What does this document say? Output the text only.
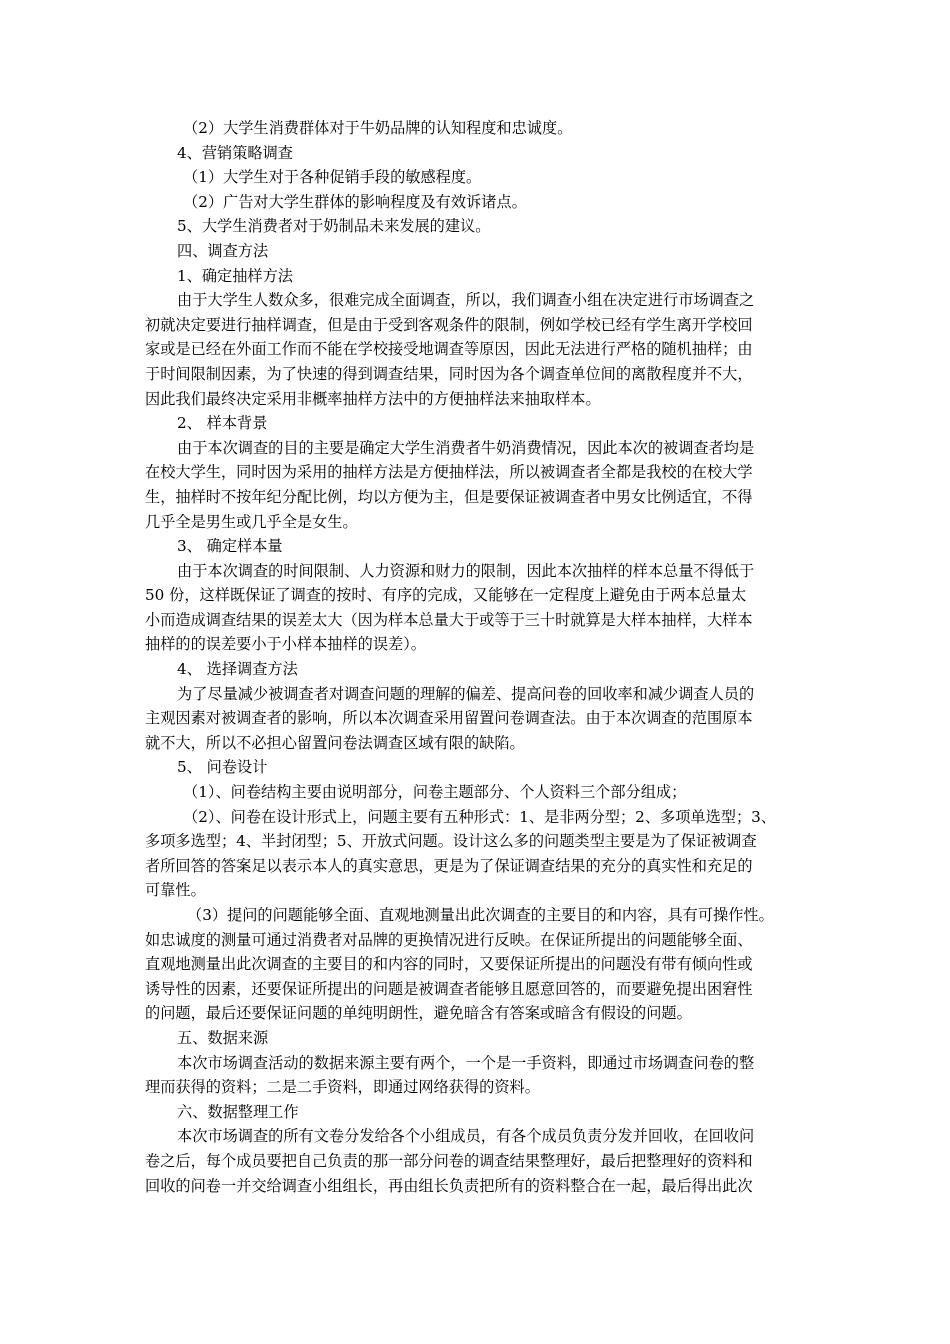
（2）大学生消费群体对于牛奶品牌的认知程度和忠诚度。
4、营销策略调查
（1）大学生对于各种促销手段的敏感程度。
（2）广告对大学生群体的影响程度及有效诉诸点。
5、大学生消费者对于奶制品未来发展的建议。
四、调查方法
1、确定抽样方法
由于大学生人数众多，很难完成全面调查，所以，我们调查小组在决定进行市场调查之
初就决定要进行抽样调查，但是由于受到客观条件的限制，例如学校已经有学生离开学校回
家或是已经在外面工作而不能在学校接受地调查等原因，因此无法进行严格的随机抽样；由
于时间限制因素，为了快速的得到调查结果，同时因为各个调查单位间的离散程度并不大，
因此我们最终决定采用非概率抽样方法中的方便抽样法来抽取样本。
2、 样本背景
由于本次调查的目的主要是确定大学生消费者牛奶消费情况，因此本次的被调查者均是
在校大学生，同时因为采用的抽样方法是方便抽样法，所以被调查者全都是我校的在校大学
生，抽样时不按年纪分配比例，均以方便为主，但是要保证被调查者中男女比例适宜，不得
几乎全是男生或几乎全是女生。
3、 确定样本量
由于本次调查的时间限制、人力资源和财力的限制，因此本次抽样的样本总量不得低于
50 份，这样既保证了调查的按时、有序的完成，又能够在一定程度上避免由于两本总量太
小而造成调查结果的误差太大（因为样本总量大于或等于三十时就算是大样本抽样，大样本
抽样的的误差要小于小样本抽样的误差）。
4、 选择调查方法
为了尽量减少被调查者对调查问题的理解的偏差、提高问卷的回收率和减少调查人员的
主观因素对被调查者的影响，所以本次调查采用留置问卷调查法。由于本次调查的范围原本
就不大，所以不必担心留置问卷法调查区域有限的缺陷。
5、 问卷设计
（1）、问卷结构主要由说明部分，问卷主题部分、个人资料三个部分组成；
（2）、问卷在设计形式上，问题主要有五种形式：1、是非两分型；2、多项单选型；3、
多项多选型；4、半封闭型；5、开放式问题。设计这么多的问题类型主要是为了保证被调查
者所回答的答案足以表示本人的真实意思，更是为了保证调查结果的充分的真实性和充足的
可靠性。
（3）提问的问题能够全面、直观地测量出此次调查的主要目的和内容，具有可操作性。
如忠诚度的测量可通过消费者对品牌的更换情况进行反映。在保证所提出的问题能够全面、
直观地测量出此次调查的主要目的和内容的同时，又要保证所提出的问题没有带有倾向性或
诱导性的因素，还要保证所提出的问题是被调查者能够且愿意回答的，而要避免提出困窘性
的问题，最后还要保证问题的单纯明朗性，避免暗含有答案或暗含有假设的问题。
五、数据来源
本次市场调查活动的数据来源主要有两个，一个是一手资料，即通过市场调查问卷的整
理而获得的资料；二是二手资料，即通过网络获得的资料。
六、数据整理工作
本次市场调查的所有文卷分发给各个小组成员，有各个成员负责分发并回收，在回收问
卷之后，每个成员要把自己负责的那一部分问卷的调查结果整理好，最后把整理好的资料和
回收的问卷一并交给调查小组组长，再由组长负责把所有的资料整合在一起，最后得出此次
